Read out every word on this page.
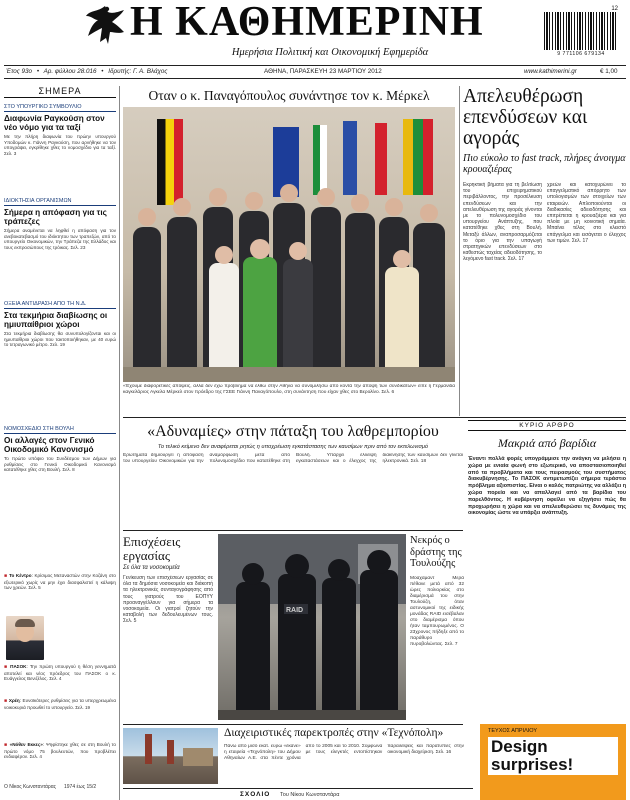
Η ΚΑΘΗΜΕΡΙΝΗ
Ημερήσια Πολιτική και Οικονομική Εφημερίδα
12
9 771106 679134
Έτος 93ο • Αρ. φύλλου 28.016 • Ιδρυτής: Γ. Α. Βλάχος	ΑΘΗΝΑ, ΠΑΡΑΣΚΕΥΗ 23 ΜΑΡΤΙΟΥ 2012	www.kathimerini.gr	€ 1,00
ΣΗΜΕΡΑ
ΣΤΟ ΥΠΟΥΡΓΙΚΟ ΣΥΜΒΟΥΛΙΟ
Διαφωνία Ραγκούση στον νέο νόμο για τα ταξί
Με την πλήρη διαφωνία του πρώην υπουργού Υποδομών κ. Γιάννη Ραγκούση, που αρνήθηκε να τον υπογράψει, εγκρίθηκε χθες το νομοσχέδιο για τα ταξί. Σελ. 3
ΙΔΙΟΚΤΗΣΙΑ ΟΡΓΑΝΙΣΜΩΝ
Σήμερα η απόφαση για τις τράπεζες
Σήμερα αναμένεται να ληφθεί η απόφαση για τον ανεβοκατεβασμό του ιδιόκτητου των τραπεζών, από το υπουργείο Οικονομικών, την Τράπεζα της Ελλάδος και τους εκπροσώπους της τρόικας. Σελ. 23
ΟΞΕΙΑ ΑΝΤΙΔΡΑΣΗ ΑΠΟ ΤΗ Ν.Δ.
Στα τεκμήρια διαβίωσης οι ημιυπαίθριοι χώροι
Στα τεκμήρια διαβίωσης θα συνυπολογίζονται και οι ημιυπαίθριοι χώροι που τακτοποιήθηκαν, με 40 ευρώ το τετραγωνικό μέτρο. Σελ. 19
ΝΟΜΟΣΧΕΔΙΟ ΣΤΗ ΒΟΥΛΗ
Οι αλλαγές στον Γενικό Οικοδομικό Κανονισμό
Το πρώτο υπόψιο του Συνδέσμου των Δήμων για ρυθμίσεις στο Γενικό Οικοδομικό Κανονισμό κατατέθηκε χθες στη Βουλή. Σελ. 8
■ Το Κέντρο: Κρίσιμος Μεταναστών στην Κοζάνη στο εξωτερικό χωρίς να μην έχει διασφαλιστεί η κάλυψη των χρεών. Σελ. 5
■ ΠΑΣΟΚ: Την πρώτη υπουργού η θέση γεννηματά αποτελεί και νέος πρόεδρος του ΠΑΣΟΚ ο κ. Ευάγγελος Βενιζέλος. Σελ. 4
■ Χρέη: Ευνοϊκότερες ρυθμίσεις για τα υπερχρεωμένα νοικοκυριά προωθεί το υπουργείο. Σελ. 19
■ «Νόθεν Εκκες»: Ψηφίστηκε χθες σε στη Βουλή το πρώτο νόμο 75 βουλευτών, που προβλέπει ενδιαφέρον. Σελ. 4
Ο Νίκος Κωνσταντάρας 1974 έως 15/2
Οταν ο κ. Παναγόπουλος συνάντησε τον κ. Μέρκελ
«Έχουμε διαφορετικές απόψεις, αλλά δεν έχω πρόβλημα να έλθω στην Αθήνα να συνομιλήσω από κοντά την άποψη των συνδικάτων» είπε η Γερμανίδα καγκελάριος Αγκελα Μέρκελ στον πρόεδρο της ΓΣΕΕ Γιάννη Παναγόπουλο, στη συνάντηση που είχαν χθες στο Βερολίνο. Σελ. 6
Απελευθέρωση επενδύσεων και αγοράς
Πιο εύκολο το fast track, πλήρες άνοιγμα κρουαζιέρας
Εκρηκτική βήματα για τη βελτίωση του επιχειρηματικού περιβάλλοντος, την προσέλκυση επενδύσεων και την απελευθέρωση της αγοράς γίνονται με το πολυνομοσχέδιο του υπουργείου Ανάπτυξης, που κατατέθηκε χθες στη Βουλή. Μεταξύ άλλων, αναπροσαρμόζεται το όριο για την υπαγωγή στρατηγικών επενδύσεων στο καθεστώς ταχείας αδειοδότησης, το λεγόμενο fast track. Σελ. 17
χρεών και κατοχυρώνει το επαγγελματικό απόρρητο των υπολογισμών των στοιχείων των εταιρειών. Απλοποιούνται οι διαδικασίες αδειοδότησης και επιτρέπεται η κρουαζιέρα και για πλοία με μη κοινοτική σημαία. Μπαίνει τέλος στο κλειστό επάγγελμα και εισάγεται ο έλεγχος των τιμών. Σελ. 17
«Αδυναμίες» στην πάταξη του λαθρεμπορίου
Το τελικό κείμενο δεν αναφέρεται ρητώς η υποχρέωση εγκατάστασης των καυσίμων πριν από τον εκτελωνισμό
Ερωτήματα δημιουργεί η απόφαση του υπουργείου Οικονομικών για την αναμόρφωση μετά από πολυνομοσχέδιο που κατατέθηκε στη Βουλή. Υπάρχει έλλειψη εγκαταστάσεων και ο έλεγχος της διακίνησης των καυσίμων δεν γίνεται ηλεκτρονικά. Σελ. 18
ΚΥΡΙΟ ΑΡΘΡΟ
Μακριά από βαρίδια
Έναντι πολλά φορές υπογράμμισε την ανάγκη να μιλήσει η χώρα με ενιαία φωνή στο εξωτερικό, να αποστασιοποιηθεί από τα προβλήματα και τους πειρασμούς του συστήματος διακυβέρνησης. Το ΠΑΣΟΚ αντιμετωπίζει σήμερα τεράστιο πρόβλημα αξιοπιστίας. Είναι ο καλός πατριώτης να αλλάξει η χώρα πορεία και να απαλλαγεί από τα βαρίδια του παρελθόντος. Η κυβέρνηση οφείλει να εξηγήσει πώς θα προχωρήσει η χώρα και να απελευθερώσει τις δυνάμεις της οικονομίας ώστε να υπάρξει ανάπτυξη.
Επισχέσεις εργασίας
Σε όλα τα νοσοκομεία
Γενίκευση των επισχέσεων εργασίας σε όλα τα δημόσια νοσοκομεία και διάκοπή τα ηλεκτρονικές συνταγογράφησης από τους γιατρούς του ΕΟΠΥΥ προαναγγέλλουν για σήμερα τα νοσοκομεία. Οι γιατροί ζητούν την καταβολή των δεδουλευμένων τους. Σελ. 5
RAID
Νεκρός ο δράστης της Τουλούζης
Μοαχάμαντ Μερά πέθανε μετά από 32 ώρες πολιορκίας στο διαμέρισμά του στην Τουλούζη, όταν αστυνομικοί της ειδικής μονάδας RAID εισέβαλαν στο διαμέρισμα όπου ήταν ταμπουρωμένος. Ο 23χρονος πήδηξε από το παράθυρο πυροβολώντας. Σελ. 7
Διαχειριστικές παρεκτροπές στην «Τεχνόπολη»
Πάνω από μισό εκατ. ευρώ «έκανε» η εταιρεία «Τεχνόπολη» του Δήμου Αθηναίων Α.Ε. στα πέντε χρόνια από το 2005 και το 2010. Σύμφωνα με τους ελεγκτές εντοπίστηκαν παραλείψεις και παρατυπίες στην οικονομική διαχείριση. Σελ. 16
ΤΕΥΧΟΣ ΑΠΡΙΛΙΟΥ
Design surprises!
ΣΧΟΛΙΟ Του Νίκου Κωνσταντάρα
